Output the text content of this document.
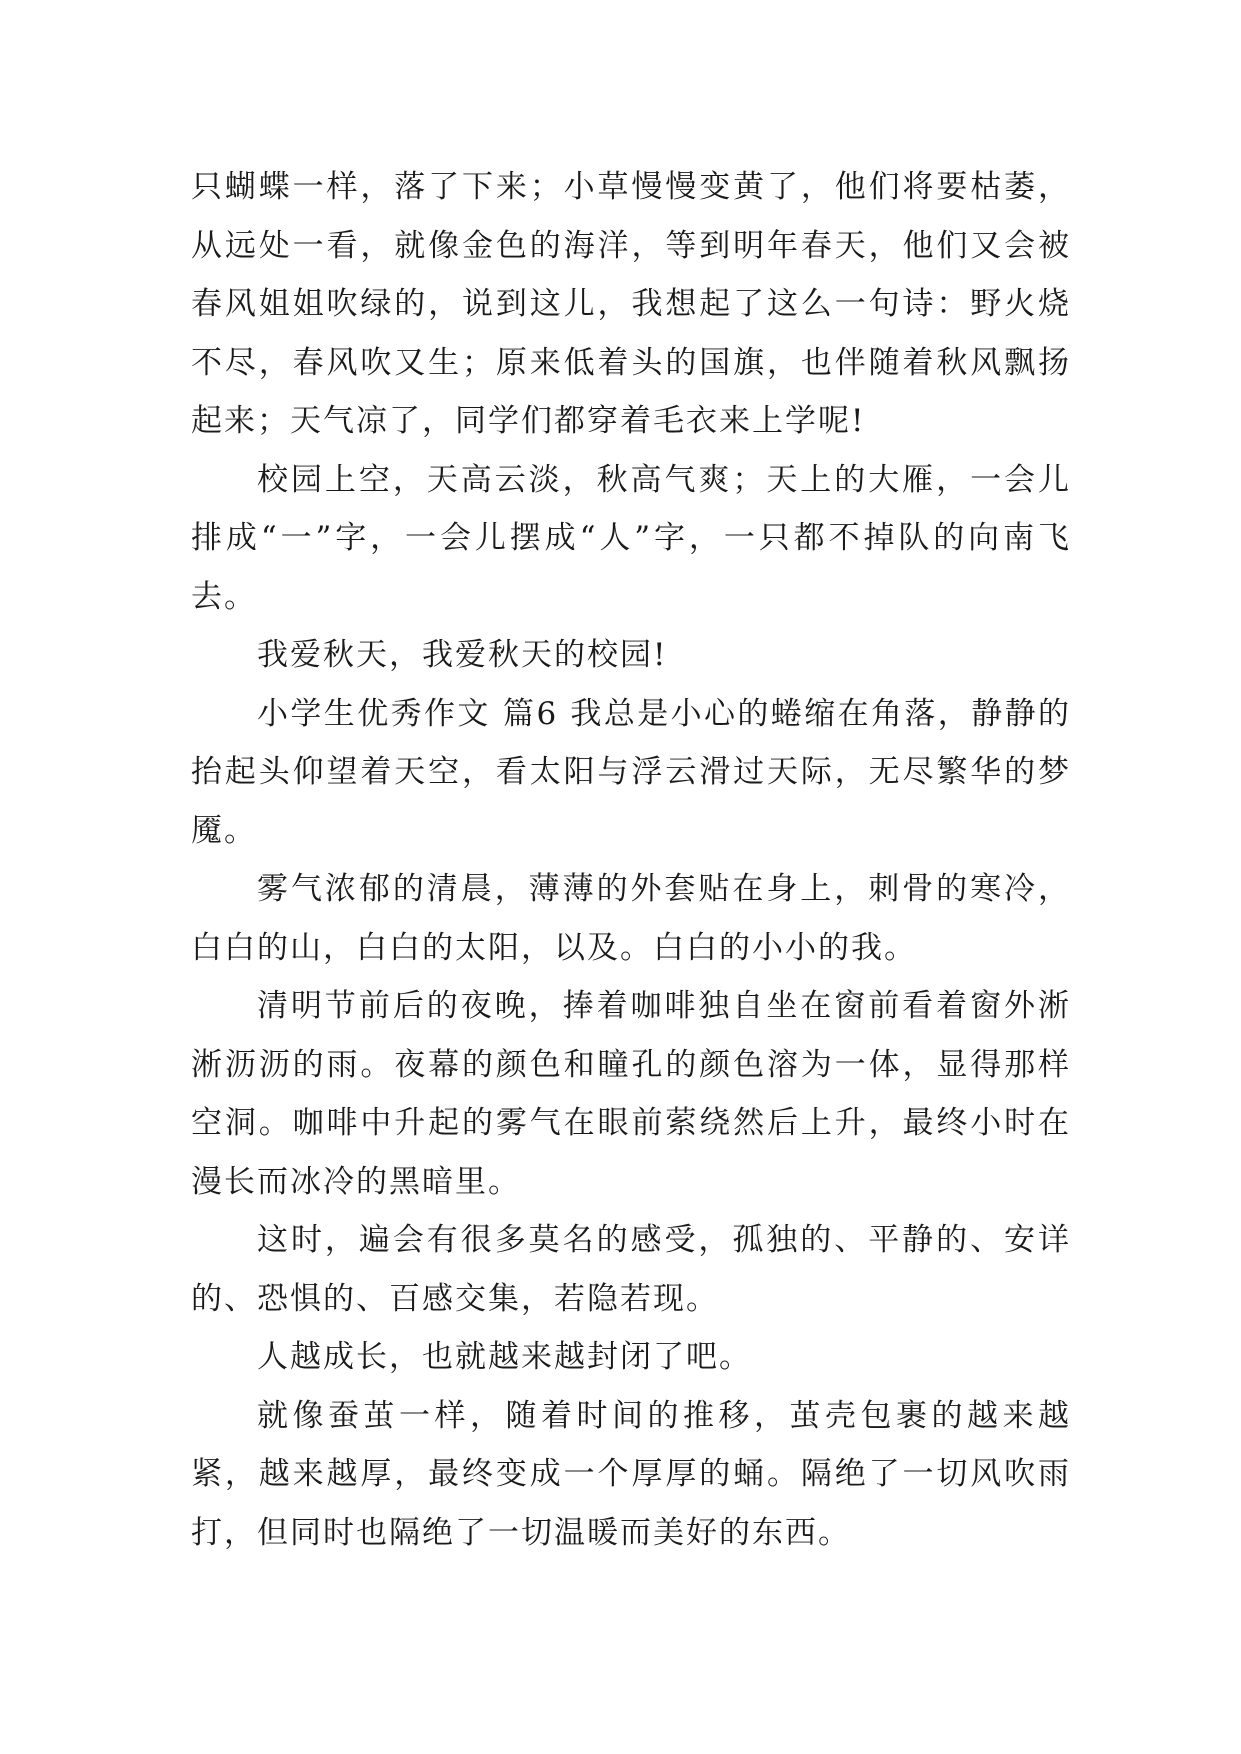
只蝴蝶一样，落了下来；小草慢慢变黄了，他们将要枯萎，从远处一看，就像金色的海洋，等到明年春天，他们又会被春风姐姐吹绿的，说到这儿，我想起了这么一句诗：野火烧不尽，春风吹又生；原来低着头的国旗，也伴随着秋风飘扬起来；天气凉了，同学们都穿着毛衣来上学呢!

校园上空，天高云淡，秋高气爽；天上的大雁，一会儿排成“一”字，一会儿摆成“人”字，一只都不掉队的向南飞去。

我爱秋天，我爱秋天的校园!

小学生优秀作文 篇6 我总是小心的蜷缩在角落，静静的抬起头仰望着天空，看太阳与浮云滑过天际，无尽繁华的梦魇。

雾气浓郁的清晨，薄薄的外套贴在身上，刺骨的寒冷，白白的山，白白的太阳，以及。白白的小小的我。

清明节前后的夜晚，捧着咖啡独自坐在窗前看着窗外淅淅沥沥的雨。夜幕的颜色和瞳孔的颜色溶为一体，显得那样空洞。咖啡中升起的雾气在眼前萦绕然后上升，最终小时在漫长而冰冷的黑暗里。

这时，遍会有很多莫名的感受，孤独的、平静的、安详的、恐惧的、百感交集，若隐若现。

人越成长，也就越来越封闭了吧。

就像蚕茧一样，随着时间的推移，茧壳包裹的越来越紧，越来越厚，最终变成一个厚厚的蛹。隔绝了一切风吹雨打，但同时也隔绝了一切温暖而美好的东西。
